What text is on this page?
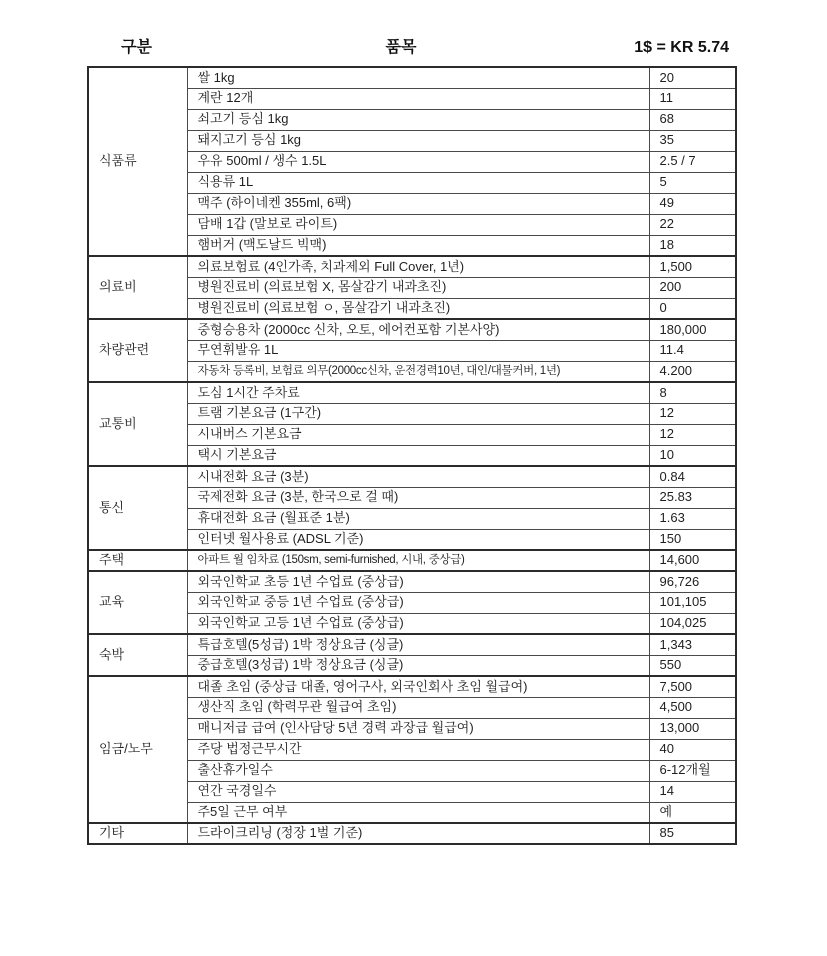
구분	품목	1$ = KR 5.74
식품류	쌀 1kg	20
	계란 12개	11
	쇠고기 등심 1kg	68
	돼지고기 등심 1kg	35
	우유 500ml / 생수 1.5L	2.5 / 7
	식용류 1L	5
	맥주 (하이네켄 355ml, 6팩)	49
	담배 1갑 (말보로 라이트)	22
	햄버거 (맥도날드 빅맥)	18
의료비	의료보험료 (4인가족, 치과제외 Full Cover, 1년)	1,500
	병원진료비 (의료보험 X, 몸살감기 내과초진)	200
	병원진료비 (의료보험 ㅇ, 몸살감기 내과초진)	0
차량관련	중형승용차 (2000cc 신차, 오토, 에어컨포함 기본사양)	180,000
	무연휘발유 1L	11.4
	자동차 등록비, 보험료 의무(2000cc신차, 운전경력10년, 대인/대물커버, 1년)	4.200
교통비	도심 1시간 주차료	8
	트램 기본요금 (1구간)	12
	시내버스 기본요금	12
	택시 기본요금	10
통신	시내전화 요금 (3분)	0.84
	국제전화 요금 (3분, 한국으로 걸 때)	25.83
	휴대전화 요금 (월표준 1분)	1.63
	인터넷 월사용료 (ADSL 기준)	150
주택	아파트 월 임차료 (150sm, semi-furnished, 시내, 중상급)	14,600
교육	외국인학교 초등 1년 수업료 (중상급)	96,726
	외국인학교 중등 1년 수업료 (중상급)	101,105
	외국인학교 고등 1년 수업료 (중상급)	104,025
숙박	특급호텔(5성급) 1박 정상요금 (싱글)	1,343
	중급호텔(3성급) 1박 정상요금 (싱글)	550
임금/노무	대졸 초임 (중상급 대졸, 영어구사, 외국인회사 초임 월급여)	7,500
	생산직 초임 (학력무관 월급여 초임)	4,500
	매니저급 급여 (인사담당 5년 경력 과장급 월급여)	13,000
	주당 법정근무시간	40
	출산휴가일수	6-12개월
	연간 국경일수	14
	주5일 근무 여부	예
기타	드라이크리닝 (정장 1벌 기준)	85
